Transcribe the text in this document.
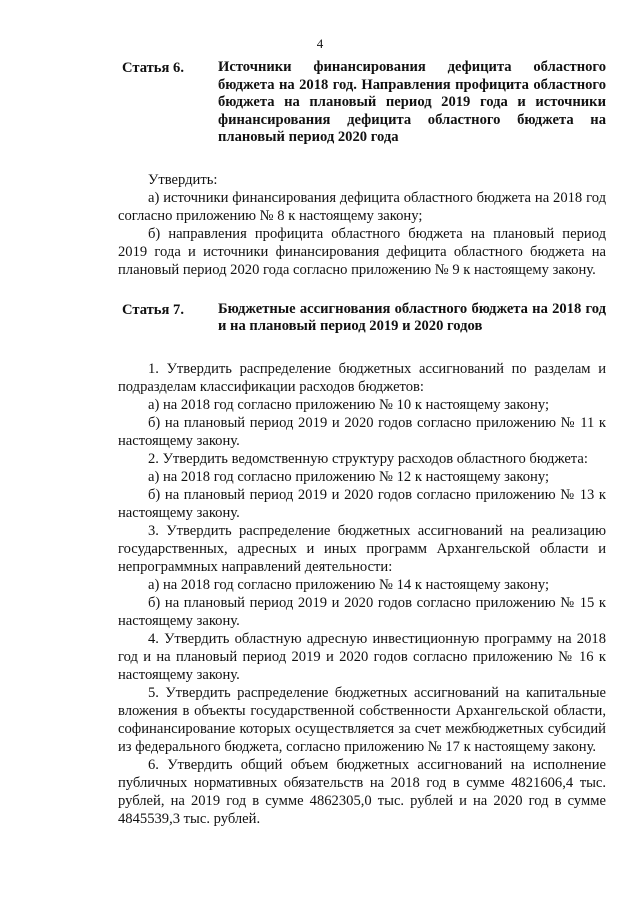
4
Статья 6.	Источники финансирования дефицита областного бюджета на 2018 год. Направления профицита областного бюджета на плановый период 2019 года и источники финансирования дефицита областного бюджета на плановый период 2020 года

Утвердить:

а) источники финансирования дефицита областного бюджета на 2018 год согласно приложению № 8 к настоящему закону;

б) направления профицита областного бюджета на плановый период 2019 года и источники финансирования дефицита областного бюджета на плановый период 2020 года согласно приложению № 9 к настоящему закону.

Статья 7.	Бюджетные ассигнования областного бюджета на 2018 год и на плановый период 2019 и 2020 годов

1. Утвердить распределение бюджетных ассигнований по разделам и подразделам классификации расходов бюджетов:

а) на 2018 год согласно приложению № 10 к настоящему закону;

б) на плановый период 2019 и 2020 годов согласно приложению № 11 к настоящему закону.

2. Утвердить ведомственную структуру расходов областного бюджета:

а) на 2018 год согласно приложению № 12 к настоящему закону;

б) на плановый период 2019 и 2020 годов согласно приложению № 13 к настоящему закону.

3. Утвердить распределение бюджетных ассигнований на реализацию государственных, адресных и иных программ Архангельской области и непрограммных направлений деятельности:

а) на 2018 год согласно приложению № 14 к настоящему закону;

б) на плановый период 2019 и 2020 годов согласно приложению № 15 к настоящему закону.

4. Утвердить областную адресную инвестиционную программу на 2018 год и на плановый период 2019 и 2020 годов согласно приложению № 16 к настоящему закону.

5. Утвердить распределение бюджетных ассигнований на капитальные вложения в объекты государственной собственности Архангельской области, софинансирование которых осуществляется за счет межбюджетных субсидий из федерального бюджета, согласно приложению № 17 к настоящему закону.

6. Утвердить общий объем бюджетных ассигнований на исполнение публичных нормативных обязательств на 2018 год в сумме 4821606,4 тыс. рублей, на 2019 год в сумме 4862305,0 тыс. рублей и на 2020 год в сумме 4845539,3 тыс. рублей.
